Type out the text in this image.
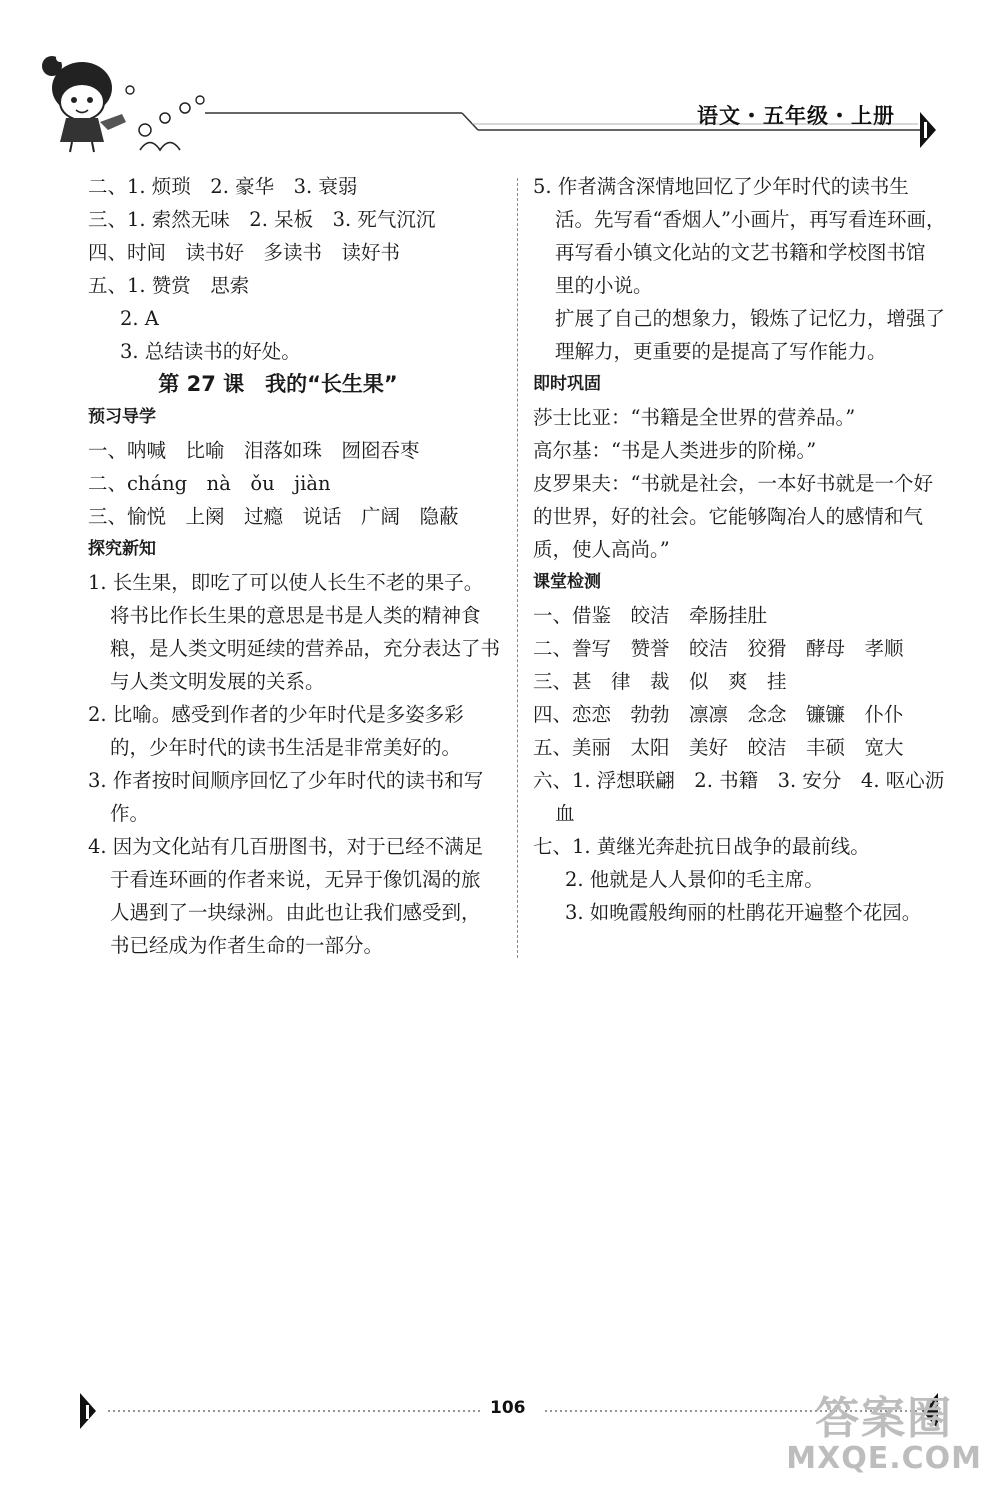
语文・五年级・上册
二、1. 烦琐　2. 豪华　3. 衰弱
三、1. 索然无味　2. 呆板　3. 死气沉沉
四、时间　读书好　多读书　读好书
五、1. 赞赏　思索
2. A
3. 总结读书的好处。
第 27 课　我的“长生果”
预习导学
一、呐喊　比喻　泪落如珠　囫囵吞枣
二、cháng　nà　ǒu　jiàn
三、愉悦　上阕　过瘾　说话　广阔　隐蔽
探究新知
1. 长生果，即吃了可以使人长生不老的果子。
将书比作长生果的意思是书是人类的精神食
粮，是人类文明延续的营养品，充分表达了书
与人类文明发展的关系。
2. 比喻。感受到作者的少年时代是多姿多彩
的，少年时代的读书生活是非常美好的。
3. 作者按时间顺序回忆了少年时代的读书和写
作。
4. 因为文化站有几百册图书，对于已经不满足
于看连环画的作者来说，无异于像饥渴的旅
人遇到了一块绿洲。由此也让我们感受到，
书已经成为作者生命的一部分。
5. 作者满含深情地回忆了少年时代的读书生
活。先写看“香烟人”小画片，再写看连环画，
再写看小镇文化站的文艺书籍和学校图书馆
里的小说。
扩展了自己的想象力，锻炼了记忆力，增强了
理解力，更重要的是提高了写作能力。
即时巩固
莎士比亚：“书籍是全世界的营养品。”
高尔基：“书是人类进步的阶梯。”
皮罗果夫：“书就是社会，一本好书就是一个好
的世界，好的社会。它能够陶冶人的感情和气
质，使人高尚。”
课堂检测
一、借鉴　皎洁　牵肠挂肚
二、誊写　赞誉　皎洁　狡猾　酵母　孝顺
三、甚　律　裁　似　爽　挂
四、恋恋　勃勃　凛凛　念念　镰镰　仆仆
五、美丽　太阳　美好　皎洁　丰硕　宽大
六、1. 浮想联翩　2. 书籍　3. 安分　4. 呕心沥
血
七、1. 黄继光奔赴抗日战争的最前线。
2. 他就是人人景仰的毛主席。
3. 如晚霞般绚丽的杜鹃花开遍整个花园。
106	答案圈
MXQE.COM
